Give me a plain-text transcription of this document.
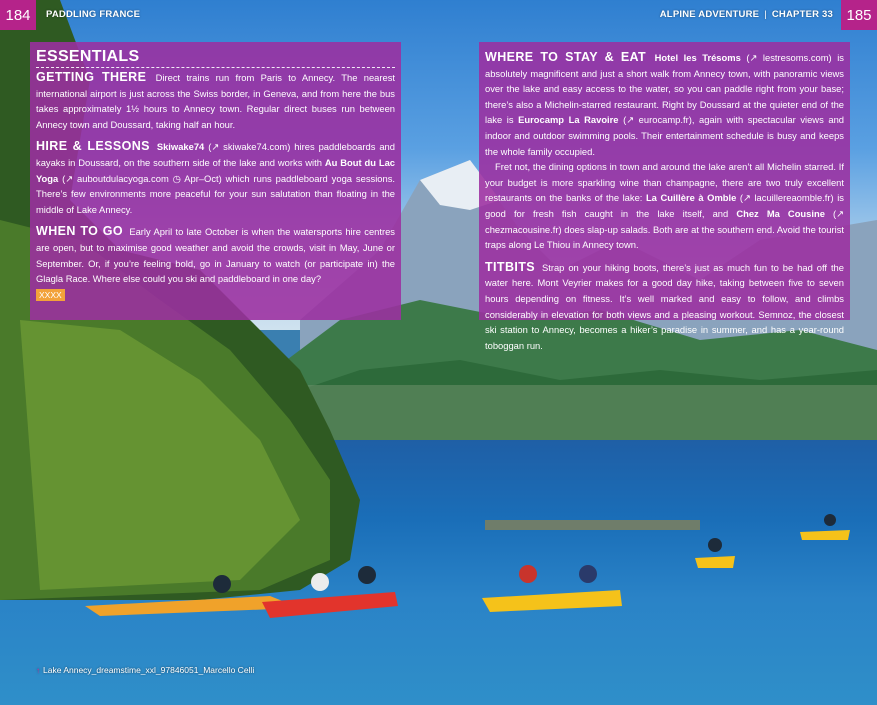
184	PADDLING FRANCE	ALPINE ADVENTURE | CHAPTER 33 185
ESSENTIALS

GETTING THERE Direct trains run from Paris to Annecy. The nearest international airport is just across the Swiss border, in Geneva, and from here the bus takes approximately 1½ hours to Annecy town. Regular direct buses run between Annecy town and Doussard, taking half an hour.

HIRE & LESSONS Skiwake74 (↗ skiwake74.com) hires paddleboards and kayaks in Doussard, on the southern side of the lake and works with Au Bout du Lac Yoga (↗ auboutdulacyoga.com ◷ Apr–Oct) which runs paddleboard yoga sessions. There’s few environments more peaceful for your sun salutation than floating in the middle of Lake Annecy.

WHEN TO GO Early April to late October is when the watersports hire centres are open, but to maximise good weather and avoid the crowds, visit in May, June or September. Or, if you’re feeling bold, go in January to watch (or participate in) the Glagla Race. Where else could you ski and paddleboard in one day?
XXXX

WHERE TO STAY & EAT Hotel les Trésoms (↗ lestresoms.com) is absolutely magnificent and just a short walk from Annecy town, with panoramic views over the lake and easy access to the water, so you can paddle right from your base; there’s also a Michelin-starred restaurant. Right by Doussard at the quieter end of the lake is Eurocamp La Ravoire (↗ eurocamp.fr), again with spectacular views and indoor and outdoor swimming pools. Their entertainment schedule is busy and keeps the whole family occupied.

Fret not, the dining options in town and around the lake aren’t all Michelin starred. If your budget is more sparkling wine than champagne, there are two truly excellent restaurants on the banks of the lake: La Cuillère à Omble (↗ lacuillereaomble.fr) is good for fresh fish caught in the lake itself, and Chez Ma Cousine (↗ chezmacousine.fr) does slap-up salads. Both are at the southern end. Avoid the tourist traps along Le Thiou in Annecy town.

TITBITS Strap on your hiking boots, there’s just as much fun to be had off the water here. Mont Veyrier makes for a good day hike, taking between five to seven hours depending on fitness. It’s well marked and easy to follow, and climbs considerably in elevation for both views and a pleasing workout. Semnoz, the closest ski station to Annecy, becomes a hiker’s paradise in summer, and has a year-round toboggan run.

↑ Lake Annecy_dreamstime_xxl_97846051_Marcello Celli
